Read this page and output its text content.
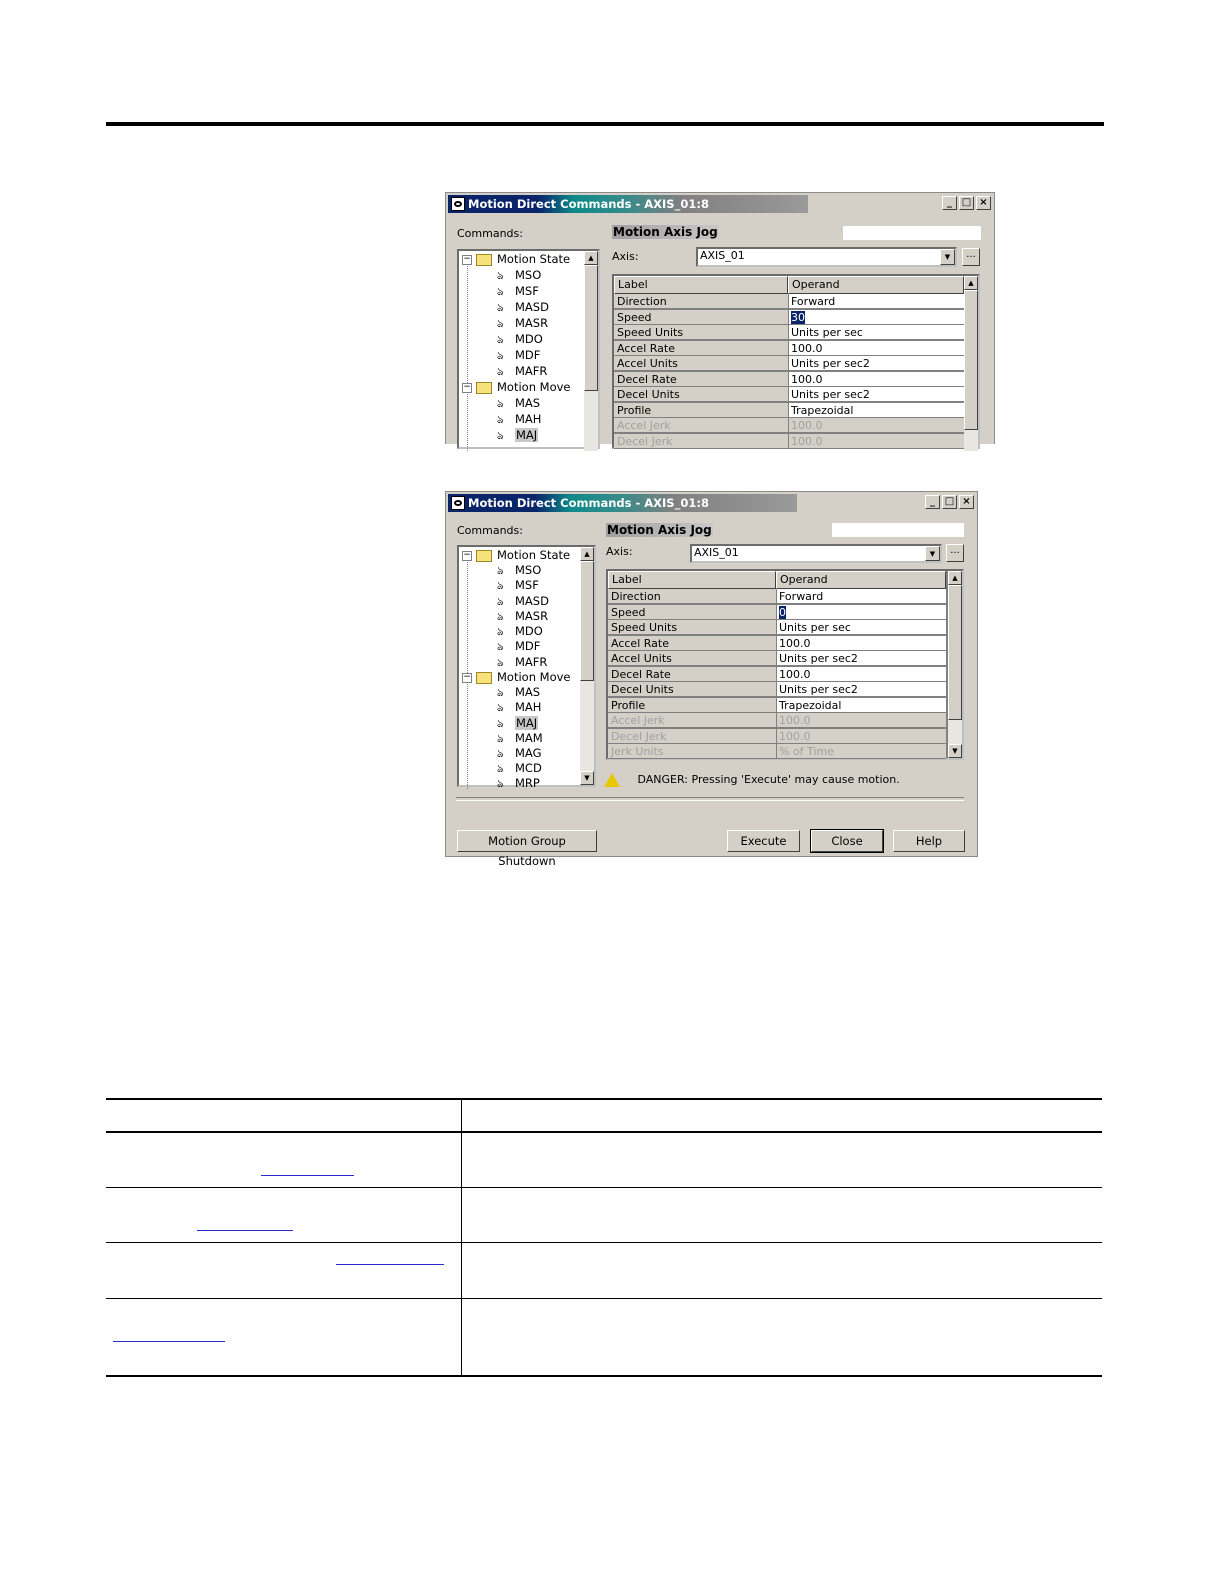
Motion Direct Commands - AXIS_01:8	_ □ ×
Commands:	Motion Axis Jog
Axis:	AXIS_01	▼	...
− Motion State
ঌ MSO
ঌ MSF
ঌ MASD
ঌ MASR
ঌ MDO
ঌ MDF
ঌ MAFR
− Motion Move
ঌ MAS
ঌ MAH
ঌ MAJ
▲
Label	Operand
Direction	Forward
Speed	30
Speed Units	Units per sec
Accel Rate	100.0
Accel Units	Units per sec2
Decel Rate	100.0
Decel Units	Units per sec2
Profile	Trapezoidal
Accel Jerk	100.0
Decel Jerk	100.0
▲
Motion Direct Commands - AXIS_01:8	_ □ ×
Commands:	Motion Axis Jog
Axis:	AXIS_01	▼	...
− Motion State
ঌ MSO
ঌ MSF
ঌ MASD
ঌ MASR
ঌ MDO
ঌ MDF
ঌ MAFR
− Motion Move
ঌ MAS
ঌ MAH
ঌ MAJ
ঌ MAM
ঌ MAG
ঌ MCD
ঌ MRP
▲
▼
Label	Operand
Direction	Forward
Speed	0
Speed Units	Units per sec
Accel Rate	100.0
Accel Units	Units per sec2
Decel Rate	100.0
Decel Units	Units per sec2
Profile	Trapezoidal
Accel Jerk	100.0
Decel Jerk	100.0
Jerk Units	% of Time
▲
▼
DANGER: Pressing 'Execute' may cause motion.
Motion Group Shutdown
Execute	Close	Help
